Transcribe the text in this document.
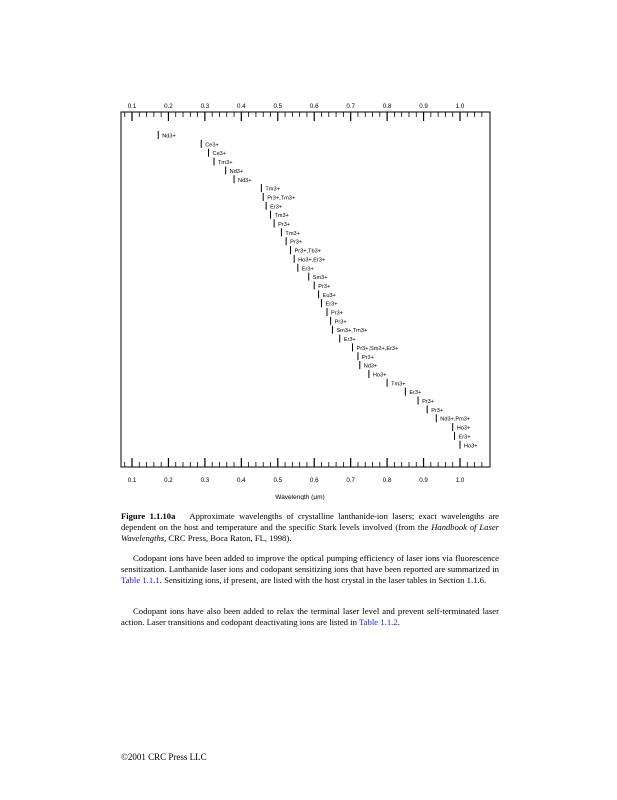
0.1
0.1
0.2
0.2
0.3
0.3
0.4
0.4
0.5
0.5
0.6
0.6
0.7
0.7
0.8
0.8
0.9
0.9
1.0
1.0
Nd3+
Ce3+
Ce3+
Tm3+
Nd3+
Nd3+
Tm3+
Pr3+,Tm3+
Er3+
Tm3+
Pr3+
Tm3+
Pr3+
Pr3+,Tb3+
Ho3+,Er3+
Er3+
Sm3+
Pr3+
Eu3+
Er3+
Pr3+
Pr3+
Sm3+,Tm3+
Er3+
Pr3+,Sm2+,Er3+
Pr3+
Nd3+
Ho3+
Tm3+
Er3+
Pr3+
Pr3+
Nd3+,Pm3+
Ho3+
Er3+
Ho3+
Wavelength (μm)
Figure 1.1.10a Approximate wavelengths of crystalline lanthanide-ion lasers; exact wavelengths are dependent on the host and temperature and the specific Stark levels involved (from the Handbook of Laser Wavelengths, CRC Press, Boca Raton, FL, 1998).
Codopant ions have been added to improve the optical pumping efficiency of laser ions via fluorescence sensitization. Lanthanide laser ions and codopant sensitizing ions that have been reported are summarized in Table 1.1.1. Sensitizing ions, if present, are listed with the host crystal in the laser tables in Section 1.1.6.
Codopant ions have also been added to relax the terminal laser level and prevent self-terminated laser action. Laser transitions and codopant deactivating ions are listed in Table 1.1.2.
©2001 CRC Press LLC
